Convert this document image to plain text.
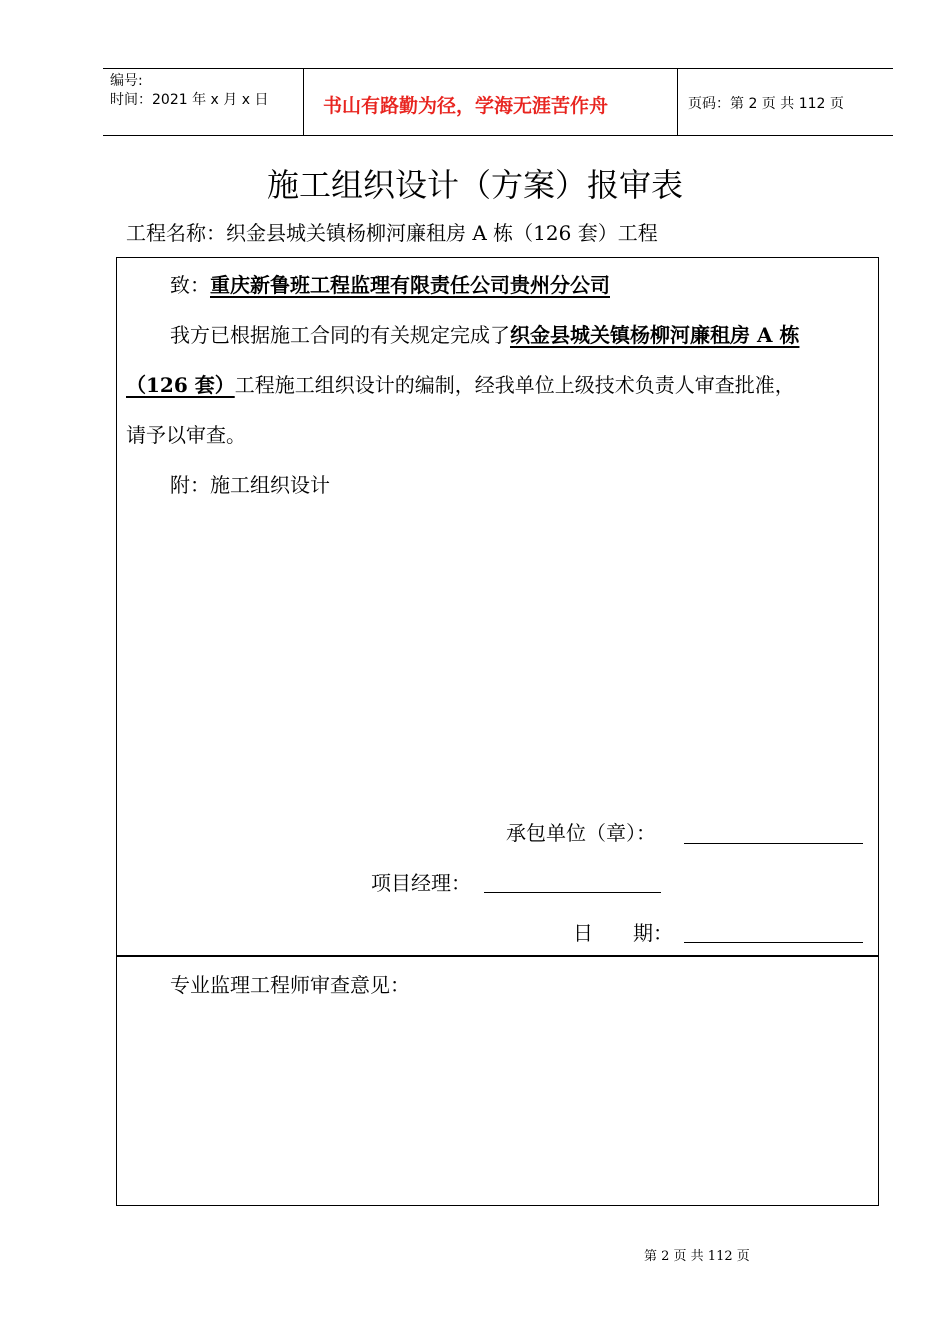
编号:
时间：2021 年 x 月 x 日	书山有路勤为径，学海无涯苦作舟	页码：第 2 页 共 112 页
施工组织设计（方案）报审表
工程名称：织金县城关镇杨柳河廉租房 A 栋（126 套）工程
致：重庆新鲁班工程监理有限责任公司贵州分公司
我方已根据施工合同的有关规定完成了织金县城关镇杨柳河廉租房 A 栋
（126 套）工程施工组织设计的编制，经我单位上级技术负责人审查批准，
请予以审查。
附：施工组织设计
承包单位（章）：
项目经理：
日　　期：
专业监理工程师审查意见：
第 2 页 共 112 页
